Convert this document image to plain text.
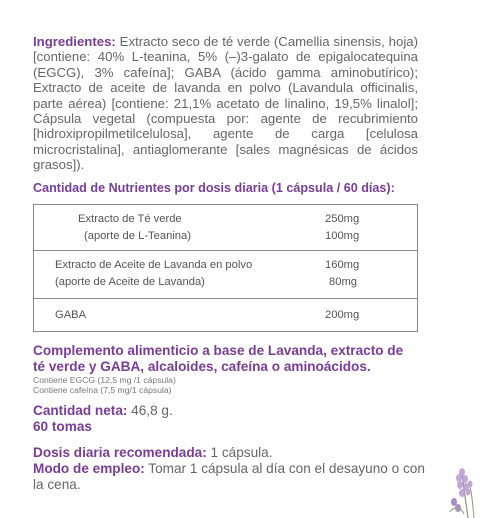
Ingredientes: Extracto seco de té verde (Camellia sinensis, hoja) [contiene: 40% L-teanina, 5% (–)3-galato de epigalocatequina (EGCG), 3% cafeína]; GABA (ácido gamma aminobutírico); Extracto de aceite de lavanda en polvo (Lavandula officinalis, parte aérea) [contiene: 21,1% acetato de linalino, 19,5% linalol]; Cápsula vegetal (compuesta por: agente de recubrimiento [hidroxipropilmetilcelulosa], agente de carga [celulosa microcristalina], antiaglomerante [sales magnésicas de ácidos grasos]).
Cantidad de Nutrientes por dosis diaria (1 cápsula / 60 días):
Extracto de Té verde
(aporte de L-Teanina)
250mg
100mg
Extracto de Aceite de Lavanda en polvo
(aporte de Aceite de Lavanda)
160mg
80mg
GABA	200mg
Complemento alimenticio a base de Lavanda, extracto de té verde y GABA, alcaloides, cafeína o aminoácidos.
Contiene EGCG (12,5 mg /1 cápsula)
Contiene cafeína (7,5 mg/1 cápsula)
Cantidad neta: 46,8 g.
60 tomas
Dosis diaria recomendada: 1 cápsula.
Modo de empleo: Tomar 1 cápsula al día con el desayuno o con la cena.
